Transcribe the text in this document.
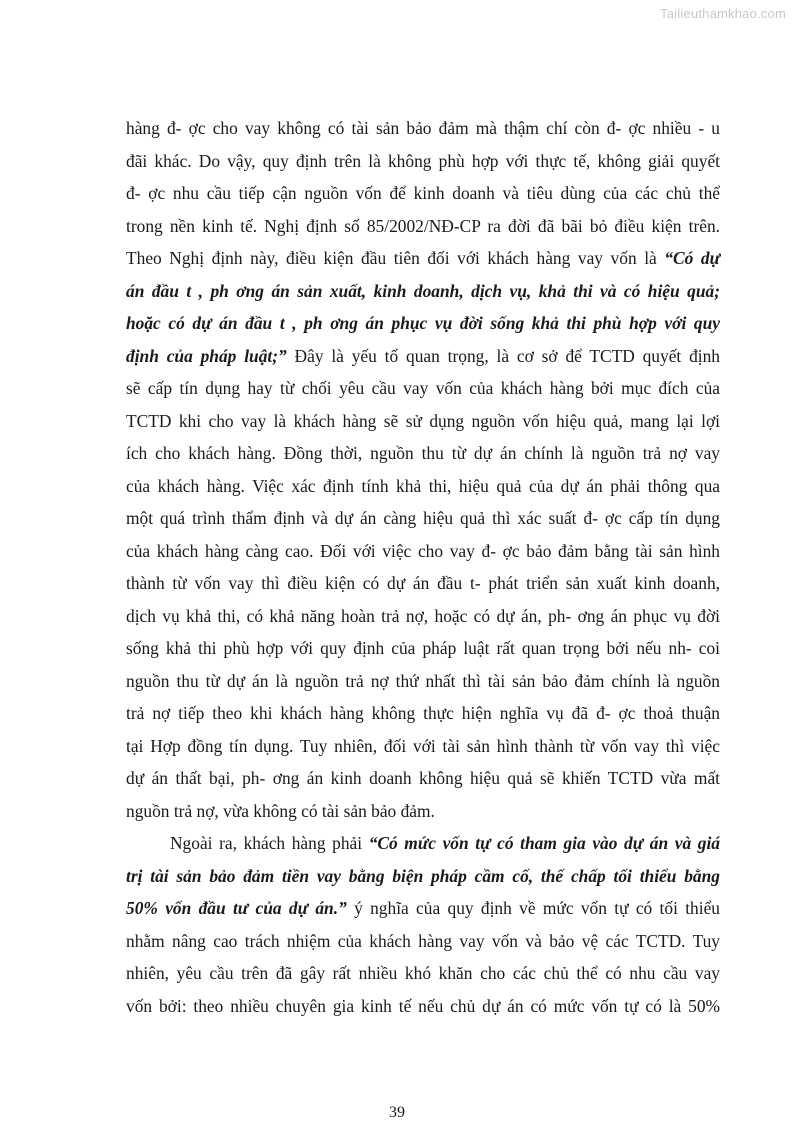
Tailieuthamkhao.com
hàng đ- ợc cho vay không có tài sản bảo đảm mà thậm chí còn đ- ợc nhiều - u
đãi khác. Do vậy, quy định trên là không phù hợp với thực tế, không giải quyết
đ- ợc nhu cầu tiếp cận nguồn vốn để kinh doanh và tiêu dùng của các chủ thể
trong nền kinh tế. Nghị định số 85/2002/NĐ-CP ra đời đã bãi bỏ điều kiện trên.
Theo Nghị định này, điều kiện đầu tiên đối với khách hàng vay vốn là “Có dự
án đầu t , ph ơng án sản xuất, kinh doanh, dịch vụ, khả thi và có hiệu quả;
hoặc có dự án đầu t , ph ơng án phục vụ đời sống khả thi phù hợp với quy
định của pháp luật;” Đây là yếu tố quan trọng, là cơ sở để TCTD quyết định
sẽ cấp tín dụng hay từ chối yêu cầu vay vốn của khách hàng bởi mục đích của
TCTD khi cho vay là khách hàng sẽ sử dụng nguồn vốn hiệu quả, mang lại lợi
ích cho khách hàng. Đồng thời, nguồn thu từ dự án chính là nguồn trả nợ vay
của khách hàng. Việc xác định tính khả thi, hiệu quả của dự án phải thông qua
một quá trình thẩm định và dự án càng hiệu quả thì xác suất đ- ợc cấp tín dụng
của khách hàng càng cao. Đối với việc cho vay đ- ợc bảo đảm bằng tài sản hình
thành từ vốn vay thì điều kiện có dự án đầu t- phát triển sản xuất kinh doanh,
dịch vụ khả thi, có khả năng hoàn trả nợ, hoặc có dự án, ph- ơng án phục vụ đời
sống khả thi phù hợp với quy định của pháp luật rất quan trọng bởi nếu nh- coi
nguồn thu từ dự án là nguồn trả nợ thứ nhất thì tài sản bảo đảm chính là nguồn
trả nợ tiếp theo khi khách hàng không thực hiện nghĩa vụ đã đ- ợc thoả thuận
tại Hợp đồng tín dụng. Tuy nhiên, đối với tài sản hình thành từ vốn vay thì việc
dự án thất bại, ph- ơng án kinh doanh không hiệu quả sẽ khiến TCTD vừa mất
nguồn trả nợ, vừa không có tài sản bảo đảm.
Ngoài ra, khách hàng phải “Có mức vốn tự có tham gia vào dự án và giá
trị tài sản bảo đảm tiền vay bằng biện pháp cầm cố, thế chấp tối thiểu bằng
50% vốn đầu tư của dự án.” ý nghĩa của quy định về mức vốn tự có tối thiểu
nhằm nâng cao trách nhiệm của khách hàng vay vốn và bảo vệ các TCTD. Tuy
nhiên, yêu cầu trên đã gây rất nhiều khó khăn cho các chủ thể có nhu cầu vay
vốn bởi: theo nhiều chuyên gia kinh tế nếu chủ dự án có mức vốn tự có là 50%
39
